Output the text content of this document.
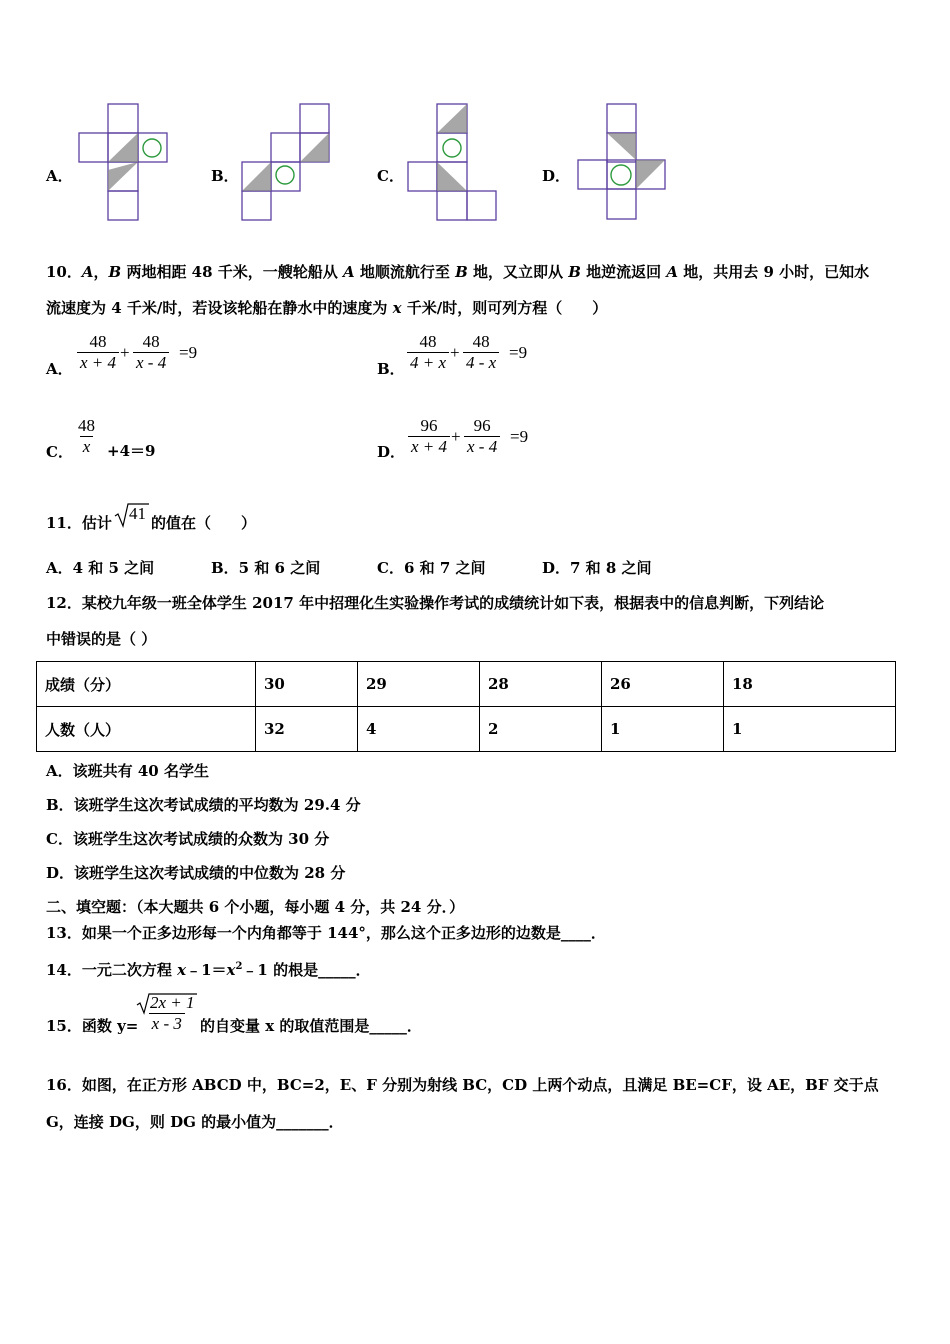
A．	B．	C．	D．
10．A，B 两地相距 48 千米，一艘轮船从 A 地顺流航行至 B 地，又立即从 B 地逆流返回 A 地，共用去 9 小时，已知水
流速度为 4 千米/时，若设该轮船在静水中的速度为 x 千米/时，则可列方程（　　）
A． $\frac{48}{x + 4} + \frac{48}{x - 4} =9$
B． $\frac{48}{4 + x} + \frac{48}{4 - x} =9$
C． $\frac{48}{x} +4=9$	D． $\frac{96}{x + 4} + \frac{96}{x - 4} =9$
11．估计 41 的值在（　　）
A．4 和 5 之间	B．5 和 6 之间	C．6 和 7 之间	D．7 和 8 之间
12．某校九年级一班全体学生 2017 年中招理化生实验操作考试的成绩统计如下表，根据表中的信息判断，下列结论
中错误的是（ ）
成绩（分）	30	29	28	26	18
人数（人）	32	4	2	1	1
A．该班共有 40 名学生
B．该班学生这次考试成绩的平均数为 29.4 分
C．该班学生这次考试成绩的众数为 30 分
D．该班学生这次考试成绩的中位数为 28 分
二、填空题：（本大题共 6 个小题，每小题 4 分，共 24 分．）
13．如果一个正多边形每一个内角都等于 144°，那么这个正多边形的边数是____．
14．一元二次方程 $x﹣1=x^2﹣1$ 的根是_____．
15．函数 y=
$\frac{2x + 1}{x - 3}$ 的自变量 x 的取值范围是_____．
16．如图，在正方形 ABCD 中，BC=2，E、F 分别为射线 BC，CD 上两个动点，且满足 BE=CF，设 AE，BF 交于点
G，连接 DG，则 DG 的最小值为_______．
